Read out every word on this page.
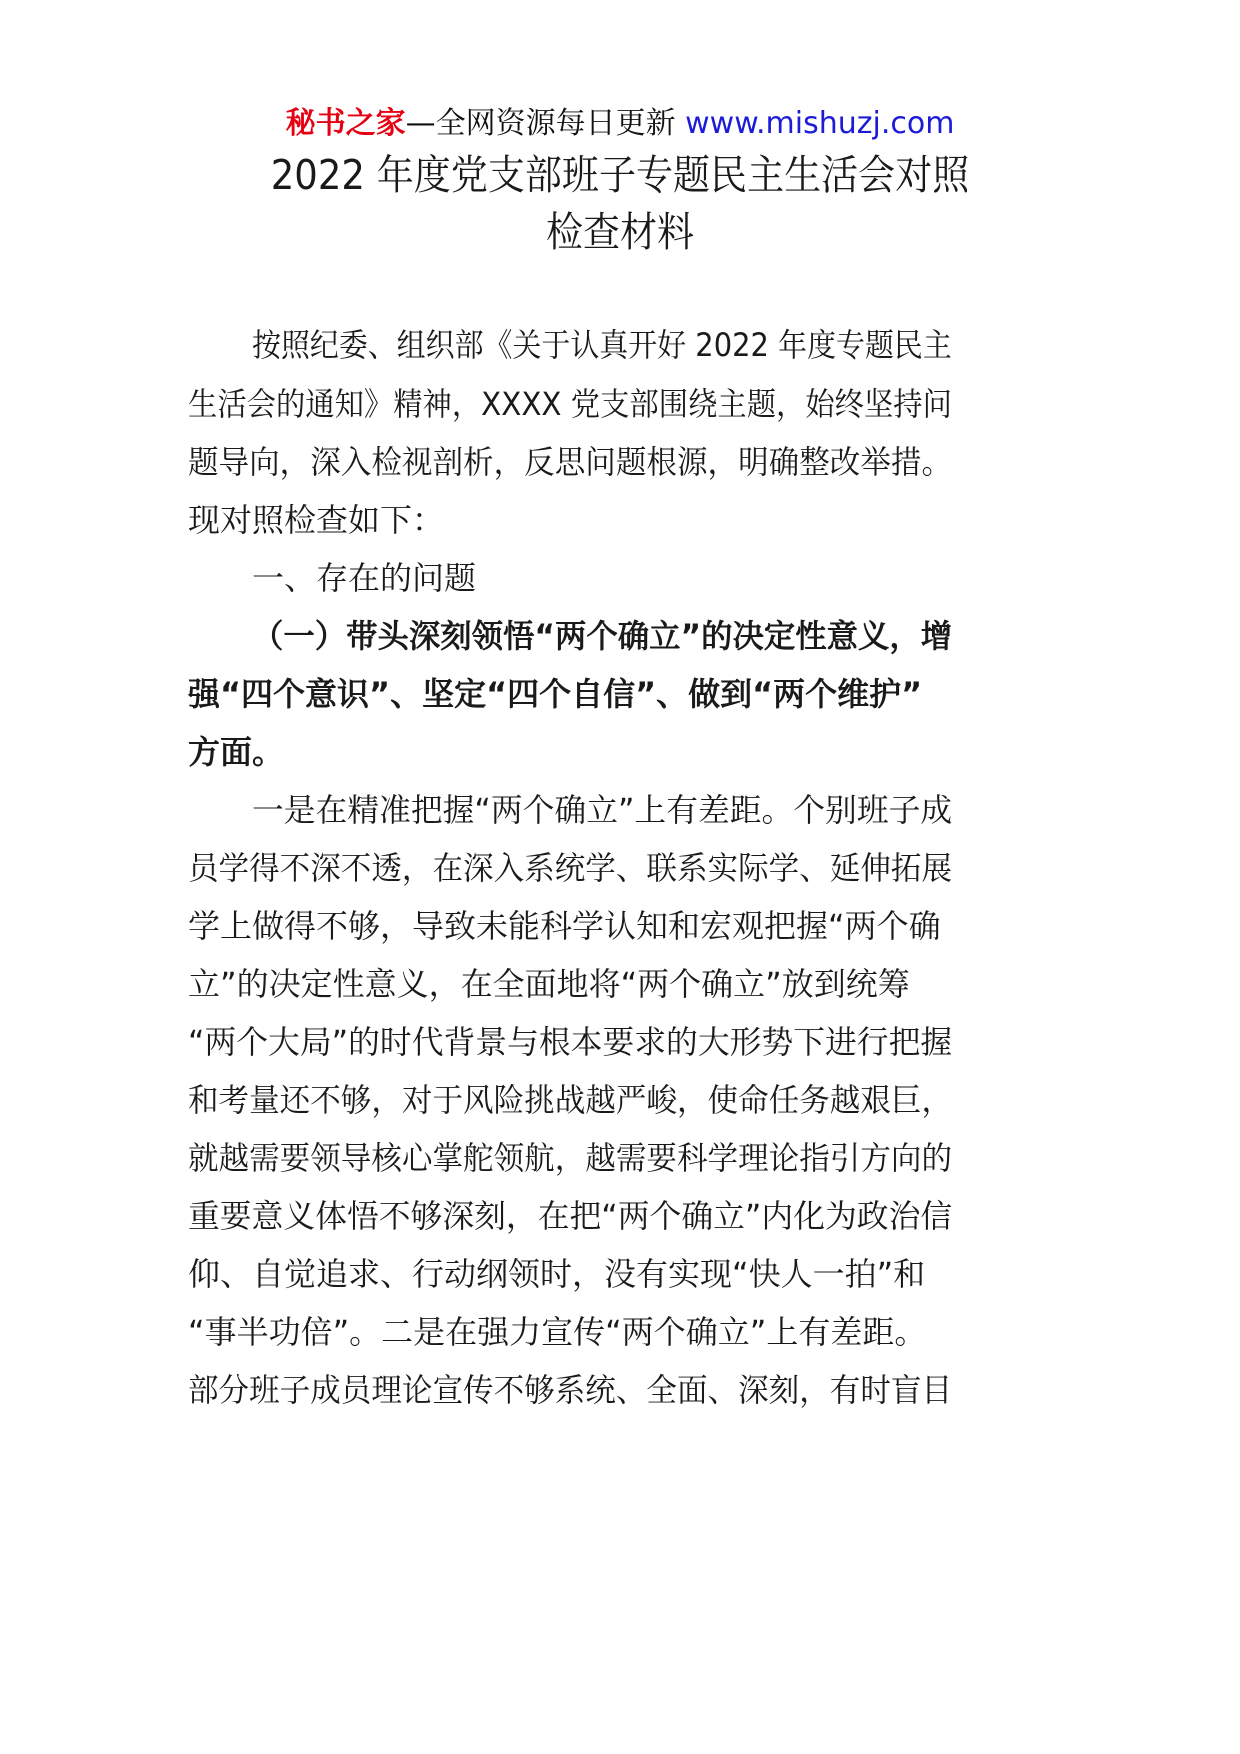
秘书之家—全网资源每日更新 www.mishuzj.com
2022 年度党支部班子专题民主生活会对照
检查材料
按照纪委、组织部《关于认真开好 2022 年度专题民主
生活会的通知》精神，XXXX 党支部围绕主题，始终坚持问
题导向，深入检视剖析，反思问题根源，明确整改举措。
现对照检查如下：
一、存在的问题
（一）带头深刻领悟“两个确立”的决定性意义，增
强“四个意识”、坚定“四个自信”、做到“两个维护”
方面。
一是在精准把握“两个确立”上有差距。个别班子成
员学得不深不透，在深入系统学、联系实际学、延伸拓展
学上做得不够，导致未能科学认知和宏观把握“两个确
立”的决定性意义，在全面地将“两个确立”放到统筹
“两个大局”的时代背景与根本要求的大形势下进行把握
和考量还不够，对于风险挑战越严峻，使命任务越艰巨，
就越需要领导核心掌舵领航，越需要科学理论指引方向的
重要意义体悟不够深刻，在把“两个确立”内化为政治信
仰、自觉追求、行动纲领时，没有实现“快人一拍”和
“事半功倍”。二是在强力宣传“两个确立”上有差距。
部分班子成员理论宣传不够系统、全面、深刻，有时盲目
